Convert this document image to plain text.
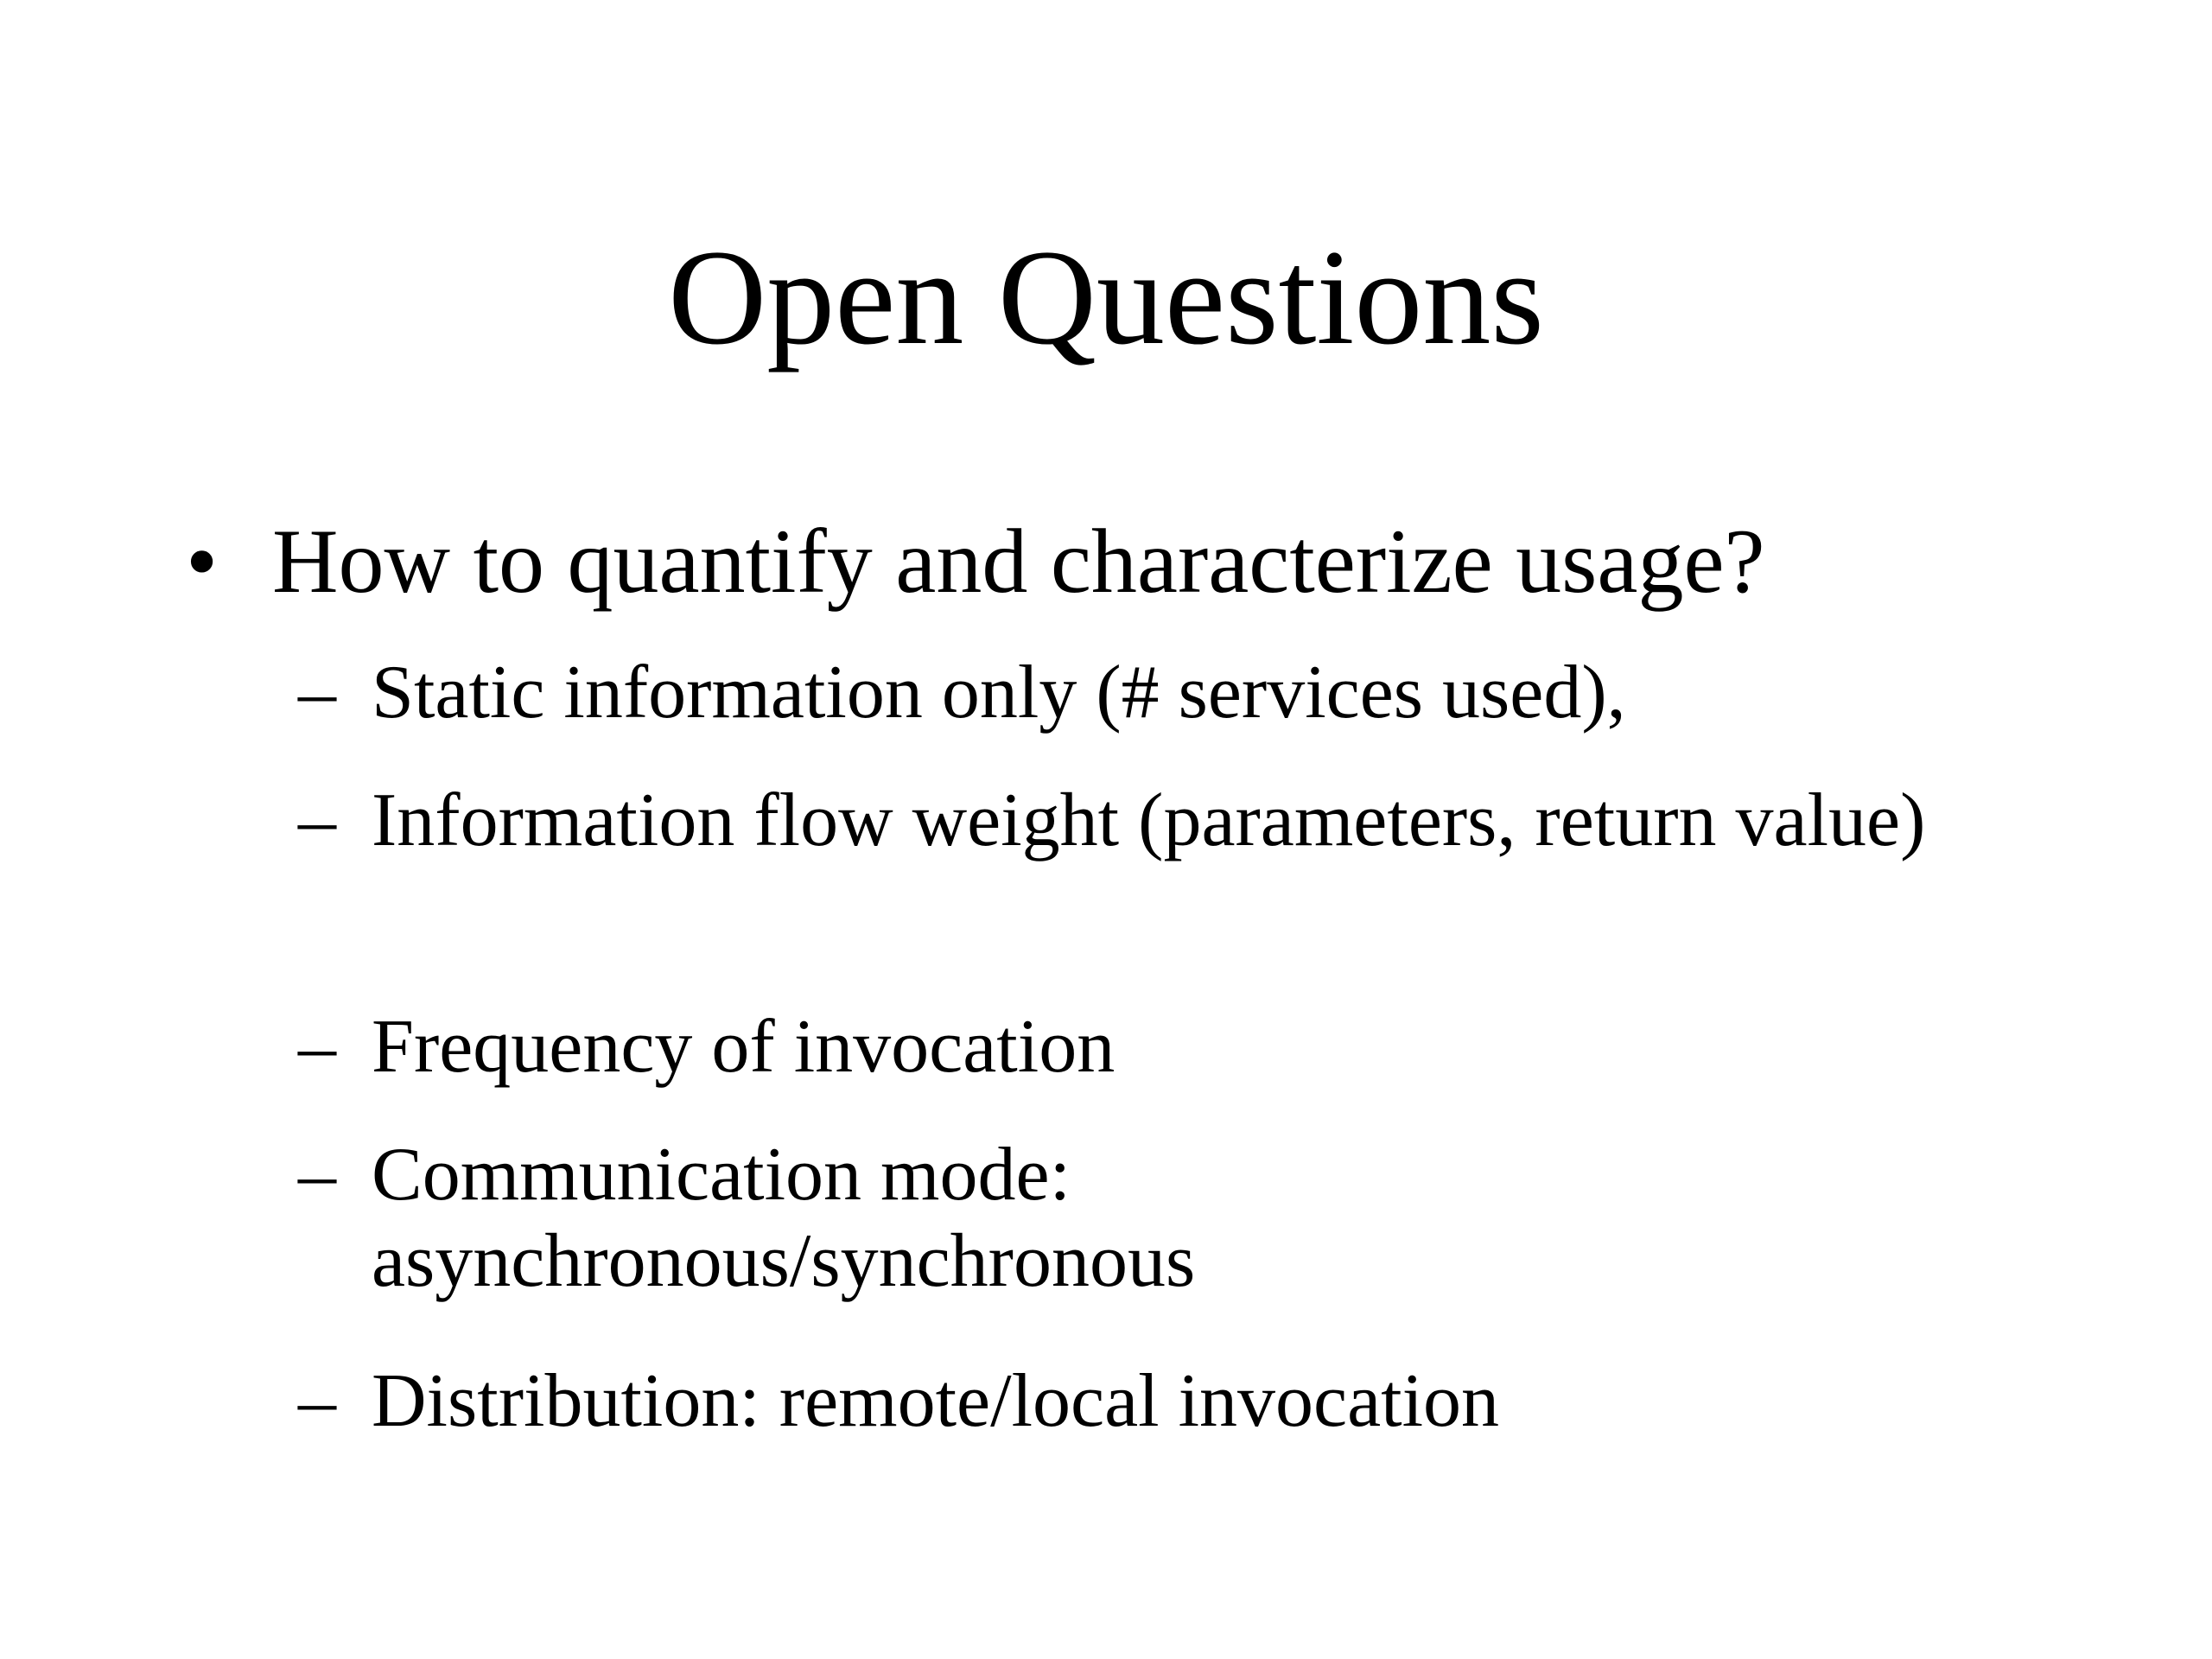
Open Questions
• How to quantify and characterize usage?
– Static information only (# services used),
– Information flow weight (parameters, return value)
– Frequency of invocation
– Communication mode: asynchronous/synchronous
– Distribution: remote/local invocation
